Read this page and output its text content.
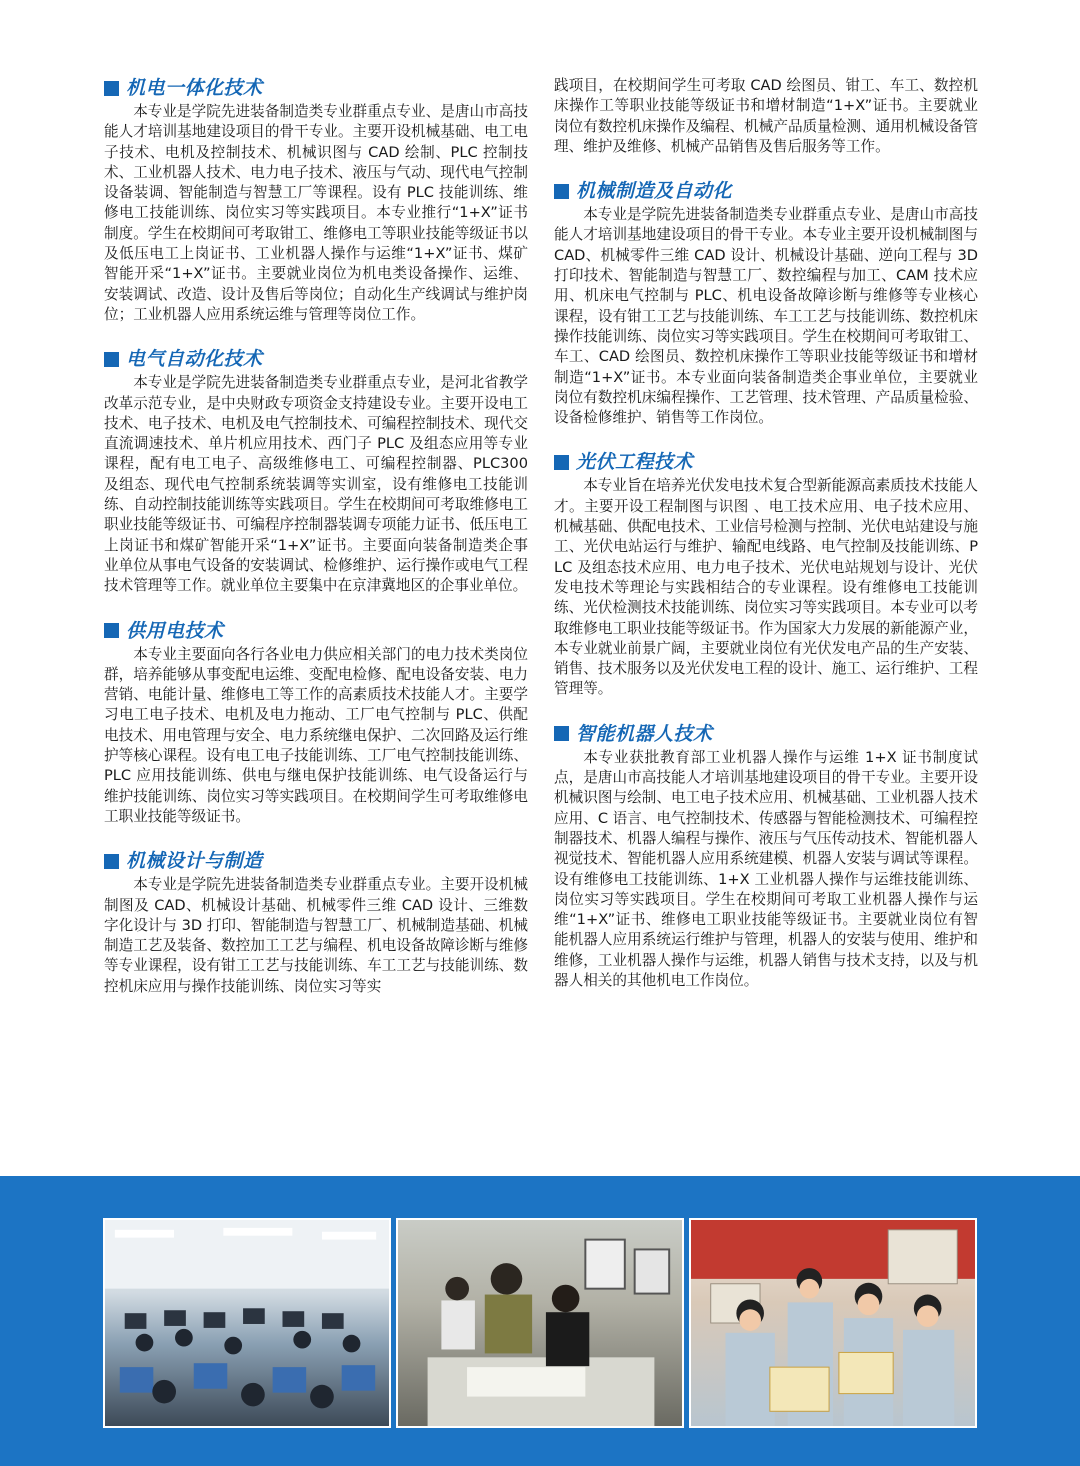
机电一体化技术

本专业是学院先进装备制造类专业群重点专业、是唐山市高技能人才培训基地建设项目的骨干专业。主要开设机械基础、电工电子技术、电机及控制技术、机械识图与 CAD 绘制、PLC 控制技术、工业机器人技术、电力电子技术、液压与气动、现代电气控制设备装调、智能制造与智慧工厂等课程。设有 PLC 技能训练、维修电工技能训练、岗位实习等实践项目。本专业推行“1+X”证书制度。学生在校期间可考取钳工、维修电工等职业技能等级证书以及低压电工上岗证书、工业机器人操作与运维“1+X”证书、煤矿智能开采“1+X”证书。主要就业岗位为机电类设备操作、运维、安装调试、改造、设计及售后等岗位；自动化生产线调试与维护岗位；工业机器人应用系统运维与管理等岗位工作。

电气自动化技术

本专业是学院先进装备制造类专业群重点专业，是河北省教学改革示范专业，是中央财政专项资金支持建设专业。主要开设电工技术、电子技术、电机及电气控制技术、可编程控制技术、现代交直流调速技术、单片机应用技术、西门子 PLC 及组态应用等专业课程，配有电工电子、高级维修电工、可编程控制器、PLC300 及组态、现代电气控制系统装调等实训室，设有维修电工技能训练、自动控制技能训练等实践项目。学生在校期间可考取维修电工职业技能等级证书、可编程序控制器装调专项能力证书、低压电工上岗证书和煤矿智能开采“1+X”证书。主要面向装备制造类企事业单位从事电气设备的安装调试、检修维护、运行操作或电气工程技术管理等工作。就业单位主要集中在京津冀地区的企事业单位。

供用电技术

本专业主要面向各行各业电力供应相关部门的电力技术类岗位群，培养能够从事变配电运维、变配电检修、配电设备安装、电力营销、电能计量、维修电工等工作的高素质技术技能人才。主要学习电工电子技术、电机及电力拖动、工厂电气控制与 PLC、供配电技术、用电管理与安全、电力系统继电保护、二次回路及运行维护等核心课程。设有电工电子技能训练、工厂电气控制技能训练、PLC 应用技能训练、供电与继电保护技能训练、电气设备运行与维护技能训练、岗位实习等实践项目。在校期间学生可考取维修电工职业技能等级证书。

机械设计与制造

本专业是学院先进装备制造类专业群重点专业。主要开设机械制图及 CAD、机械设计基础、机械零件三维 CAD 设计、三维数字化设计与 3D 打印、智能制造与智慧工厂、机械制造基础、机械制造工艺及装备、数控加工工艺与编程、机电设备故障诊断与维修等专业课程，设有钳工工艺与技能训练、车工工艺与技能训练、数控机床应用与操作技能训练、岗位实习等实

践项目，在校期间学生可考取 CAD 绘图员、钳工、车工、数控机床操作工等职业技能等级证书和增材制造“1+X”证书。主要就业岗位有数控机床操作及编程、机械产品质量检测、通用机械设备管理、维护及维修、机械产品销售及售后服务等工作。

机械制造及自动化

本专业是学院先进装备制造类专业群重点专业、是唐山市高技能人才培训基地建设项目的骨干专业。本专业主要开设机械制图与 CAD、机械零件三维 CAD 设计、机械设计基础、逆向工程与 3D 打印技术、智能制造与智慧工厂、数控编程与加工、CAM 技术应用、机床电气控制与 PLC、机电设备故障诊断与维修等专业核心课程，设有钳工工艺与技能训练、车工工艺与技能训练、数控机床操作技能训练、岗位实习等实践项目。学生在校期间可考取钳工、车工、CAD 绘图员、数控机床操作工等职业技能等级证书和增材制造“1+X”证书。本专业面向装备制造类企事业单位，主要就业岗位有数控机床编程操作、工艺管理、技术管理、产品质量检验、设备检修维护、销售等工作岗位。

光伏工程技术

本专业旨在培养光伏发电技术复合型新能源高素质技术技能人才。主要开设工程制图与识图 、电工技术应用、电子技术应用、机械基础、供配电技术、工业信号检测与控制、光伏电站建设与施工、光伏电站运行与维护、输配电线路、电气控制及技能训练、PLC 及组态技术应用、电力电子技术、光伏电站规划与设计、光伏发电技术等理论与实践相结合的专业课程。设有维修电工技能训练、光伏检测技术技能训练、岗位实习等实践项目。本专业可以考取维修电工职业技能等级证书。作为国家大力发展的新能源产业，本专业就业前景广阔，主要就业岗位有光伏发电产品的生产安装、销售、技术服务以及光伏发电工程的设计、施工、运行维护、工程管理等。

智能机器人技术

本专业获批教育部工业机器人操作与运维 1+X 证书制度试点，是唐山市高技能人才培训基地建设项目的骨干专业。主要开设机械识图与绘制、电工电子技术应用、机械基础、工业机器人技术应用、C 语言、电气控制技术、传感器与智能检测技术、可编程控制器技术、机器人编程与操作、液压与气压传动技术、智能机器人视觉技术、智能机器人应用系统建模、机器人安装与调试等课程。设有维修电工技能训练、1+X 工业机器人操作与运维技能训练、岗位实习等实践项目。学生在校期间可考取工业机器人操作与运维“1+X”证书、维修电工职业技能等级证书。主要就业岗位有智能机器人应用系统运行维护与管理，机器人的安装与使用、维护和维修，工业机器人操作与运维，机器人销售与技术支持，以及与机器人相关的其他机电工作岗位。
